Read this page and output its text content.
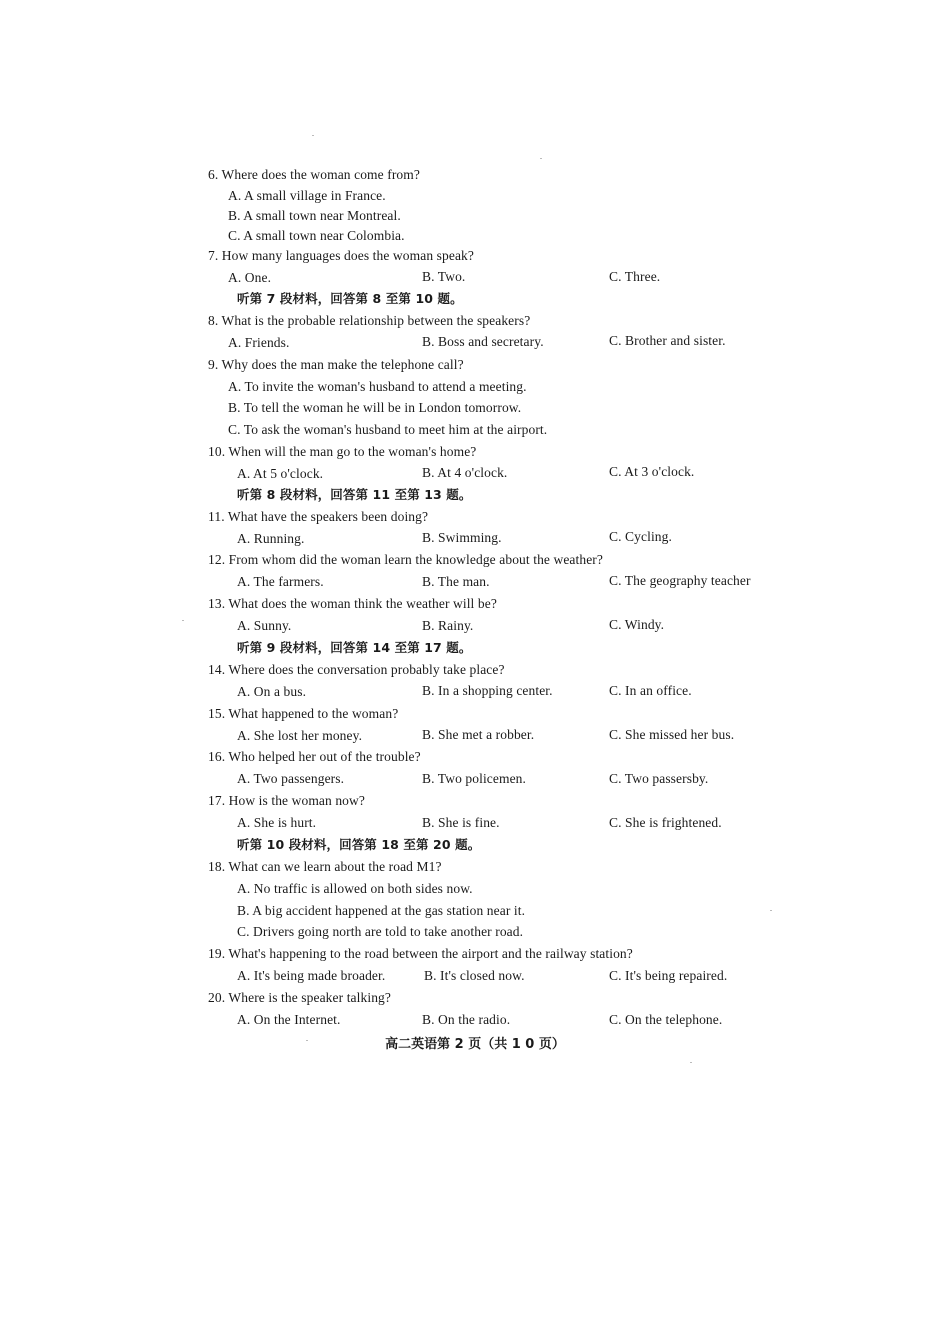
6. Where does the woman come from?
A. A small village in France.
B. A small town near Montreal.
C. A small town near Colombia.
7. How many languages does the woman speak?
A. One.	B. Two.	C. Three.
听第 7 段材料，回答第 8 至第 10 题。
8. What is the probable relationship between the speakers?
A. Friends.	B. Boss and secretary.	C. Brother and sister.
9. Why does the man make the telephone call?
A. To invite the woman's husband to attend a meeting.
B. To tell the woman he will be in London tomorrow.
C. To ask the woman's husband to meet him at the airport.
10. When will the man go to the woman's home?
A. At 5 o'clock.	B. At 4 o'clock.	C. At 3 o'clock.
听第 8 段材料，回答第 11 至第 13 题。
11. What have the speakers been doing?
A. Running.	B. Swimming.	C. Cycling.
12. From whom did the woman learn the knowledge about the weather?
A. The farmers.	B. The man.	C. The geography teacher
13. What does the woman think the weather will be?
A. Sunny.	B. Rainy.	C. Windy.
听第 9 段材料，回答第 14 至第 17 题。
14. Where does the conversation probably take place?
A. On a bus.	B. In a shopping center.	C. In an office.
15. What happened to the woman?
A. She lost her money.	B. She met a robber.	C. She missed her bus.
16. Who helped her out of the trouble?
A. Two passengers.	B. Two policemen.	C. Two passersby.
17. How is the woman now?
A. She is hurt.	B. She is fine.	C. She is frightened.
听第 10 段材料，回答第 18 至第 20 题。
18. What can we learn about the road M1?
A. No traffic is allowed on both sides now.
B. A big accident happened at the gas station near it.
C. Drivers going north are told to take another road.
19. What's happening to the road between the airport and the railway station?
A. It's being made broader.	B. It's closed now.	C. It's being repaired.
20. Where is the speaker talking?
A. On the Internet.	B. On the radio.	C. On the telephone.
高二英语第 2 页（共 1 0 页）
